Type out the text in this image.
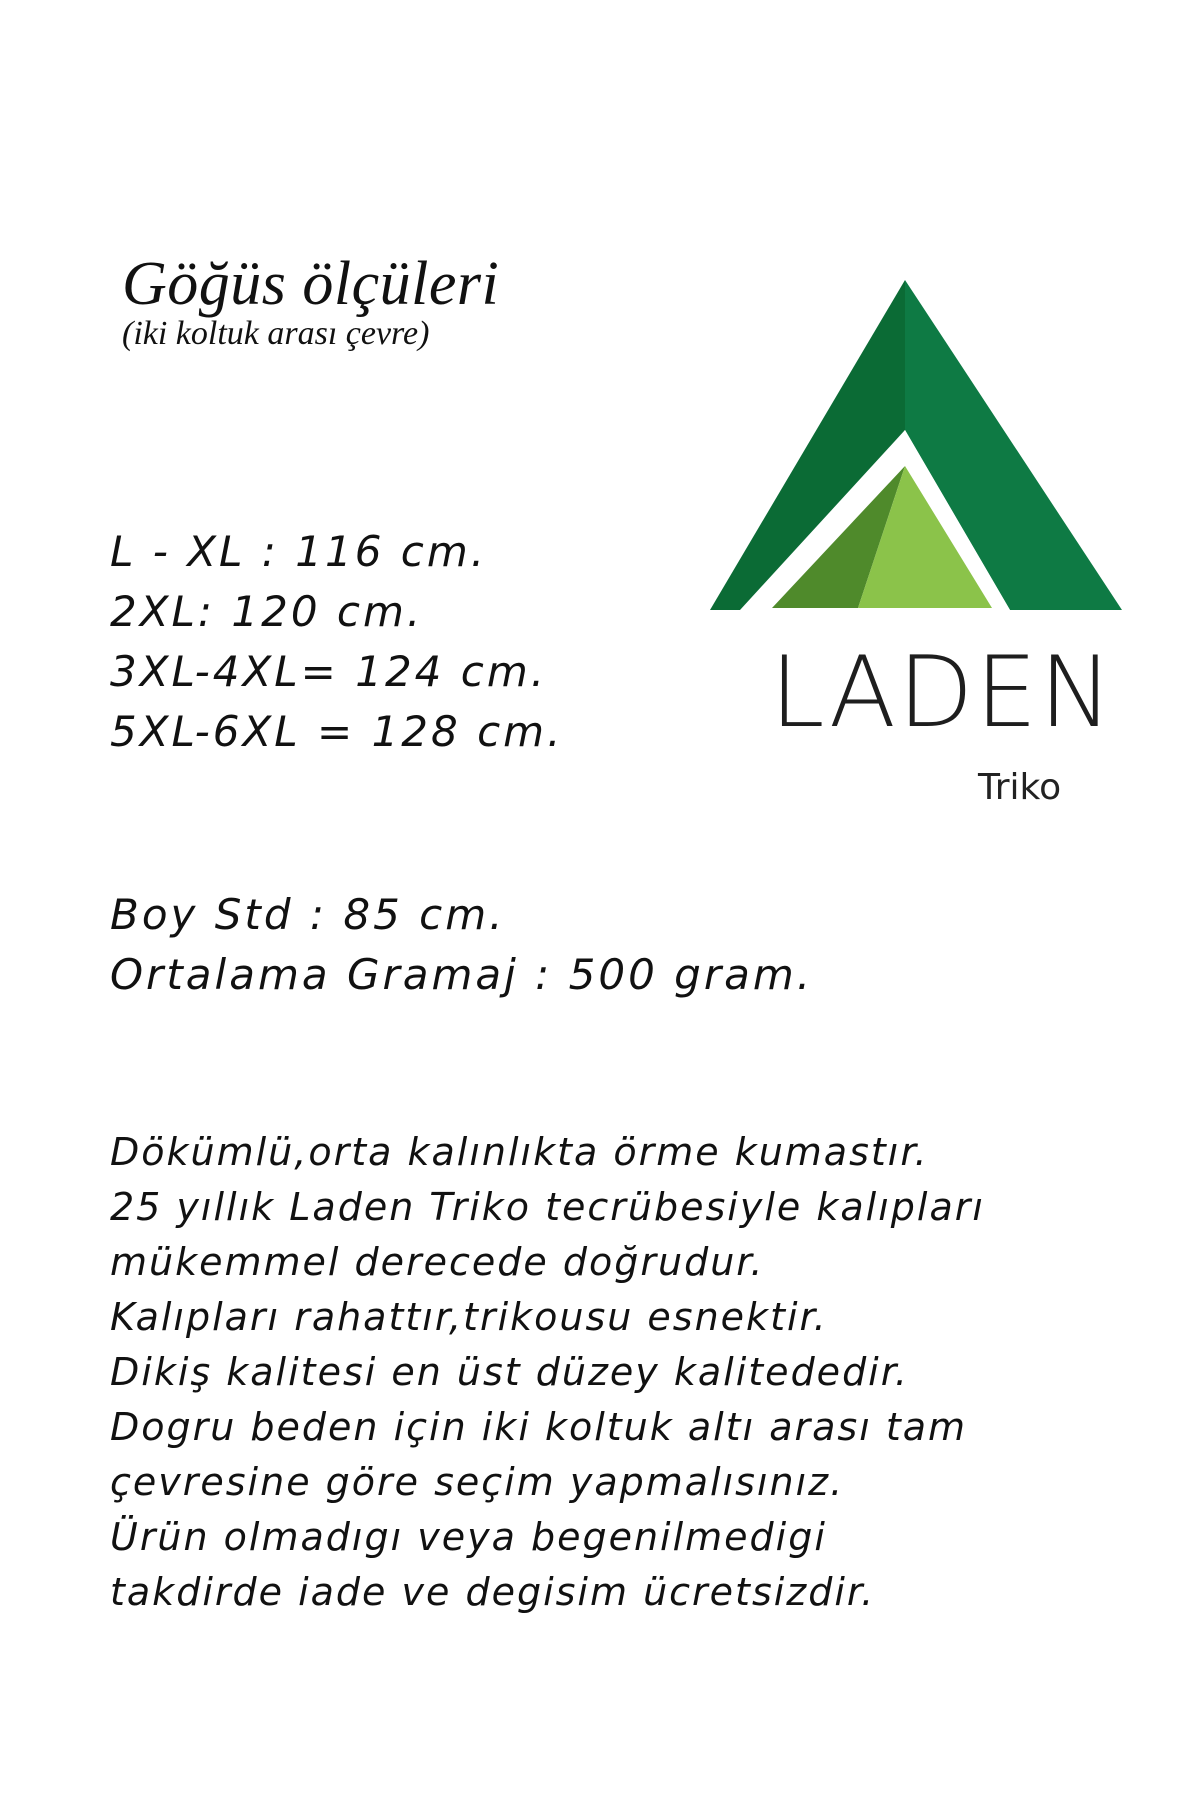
Göğüs ölçüleri
(iki koltuk arası çevre)
L - XL : 116 cm.
2XL: 120 cm.
3XL-4XL= 124 cm.
5XL-6XL = 128 cm.
Boy Std : 85 cm.
Ortalama Gramaj : 500 gram.
Dökümlü,orta kalınlıkta örme kumastır.
25 yıllık Laden Triko tecrübesiyle kalıpları
mükemmel derecede doğrudur.
Kalıpları rahattır,trikousu esnektir.
Dikiş kalitesi en üst düzey kalitededir.
Dogru beden için iki koltuk altı arası tam
çevresine göre seçim yapmalısınız.
Ürün olmadıgı veya begenilmedigi
takdirde iade ve degisim ücretsizdir.
LADEN
Triko
